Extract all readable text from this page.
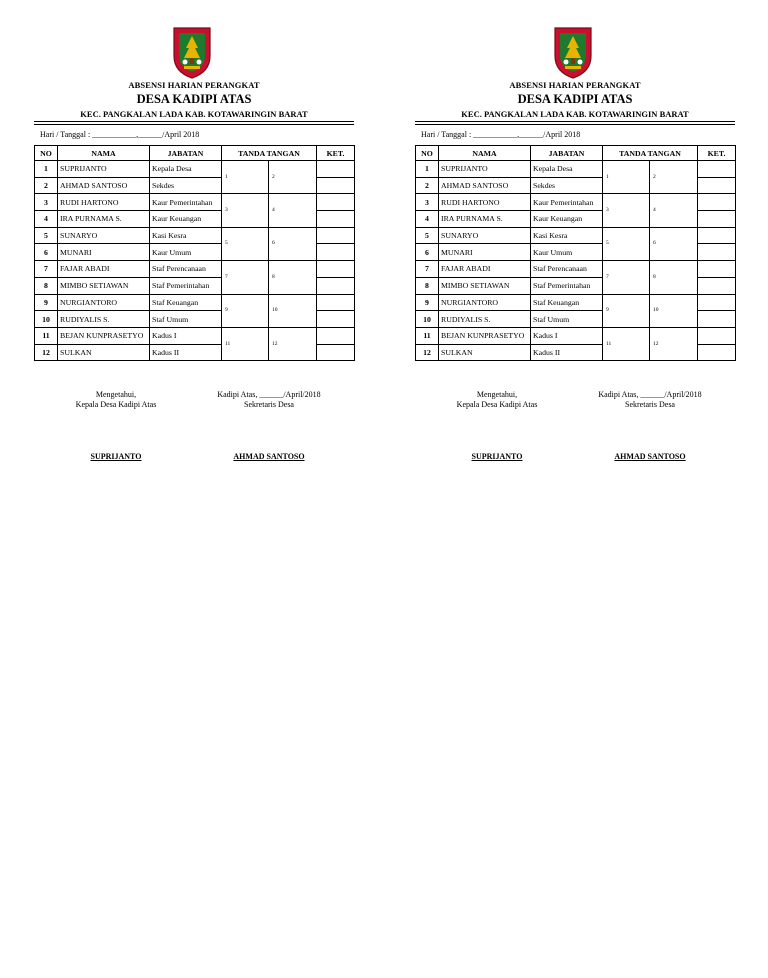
ABSENSI HARIAN PERANGKAT
DESA KADIPI ATAS
KEC. PANGKALAN LADA KAB. KOTAWARINGIN BARAT
Hari / Tanggal : ___________,______/April 2018
NO	NAMA	JABATAN	TANDA TANGAN		KET.
1	SUPRIJANTO	Kepala Desa	1	2	
2	AHMAD SANTOSO	Sekdes			
3	RUDI HARTONO	Kaur Pemerintahan	3	4	
4	IRA PURNAMA S.	Kaur Keuangan			
5	SUNARYO	Kasi Kesra	5	6	
6	MUNARI	Kaur Umum			
7	FAJAR ABADI	Staf Perencanaan	7	8	
8	MIMBO SETIAWAN	Staf Pemerintahan			
9	NURGIANTORO	Staf Keuangan	9	10	
10	RUDIYALIS S.	Staf Umum			
11	BEJAN KUNPRASETYO	Kadus I	11	12	
12	SULKAN	Kadus II			
Mengetahui,
Kepala Desa Kadipi Atas
Kadipi Atas, ______/April/2018
Sekretaris Desa
SUPRIJANTO	AHMAD SANTOSO
ABSENSI HARIAN PERANGKAT
DESA KADIPI ATAS
KEC. PANGKALAN LADA KAB. KOTAWARINGIN BARAT
Hari / Tanggal : ___________,______/April 2018
NO	NAMA	JABATAN	TANDA TANGAN		KET.
1	SUPRIJANTO	Kepala Desa	1	2	
2	AHMAD SANTOSO	Sekdes			
3	RUDI HARTONO	Kaur Pemerintahan	3	4	
4	IRA PURNAMA S.	Kaur Keuangan			
5	SUNARYO	Kasi Kesra	5	6	
6	MUNARI	Kaur Umum			
7	FAJAR ABADI	Staf Perencanaan	7	8	
8	MIMBO SETIAWAN	Staf Pemerintahan			
9	NURGIANTORO	Staf Keuangan	9	10	
10	RUDIYALIS S.	Staf Umum			
11	BEJAN KUNPRASETYO	Kadus I	11	12	
12	SULKAN	Kadus II			
Mengetahui,
Kepala Desa Kadipi Atas
Kadipi Atas, ______/April/2018
Sekretaris Desa
SUPRIJANTO	AHMAD SANTOSO
